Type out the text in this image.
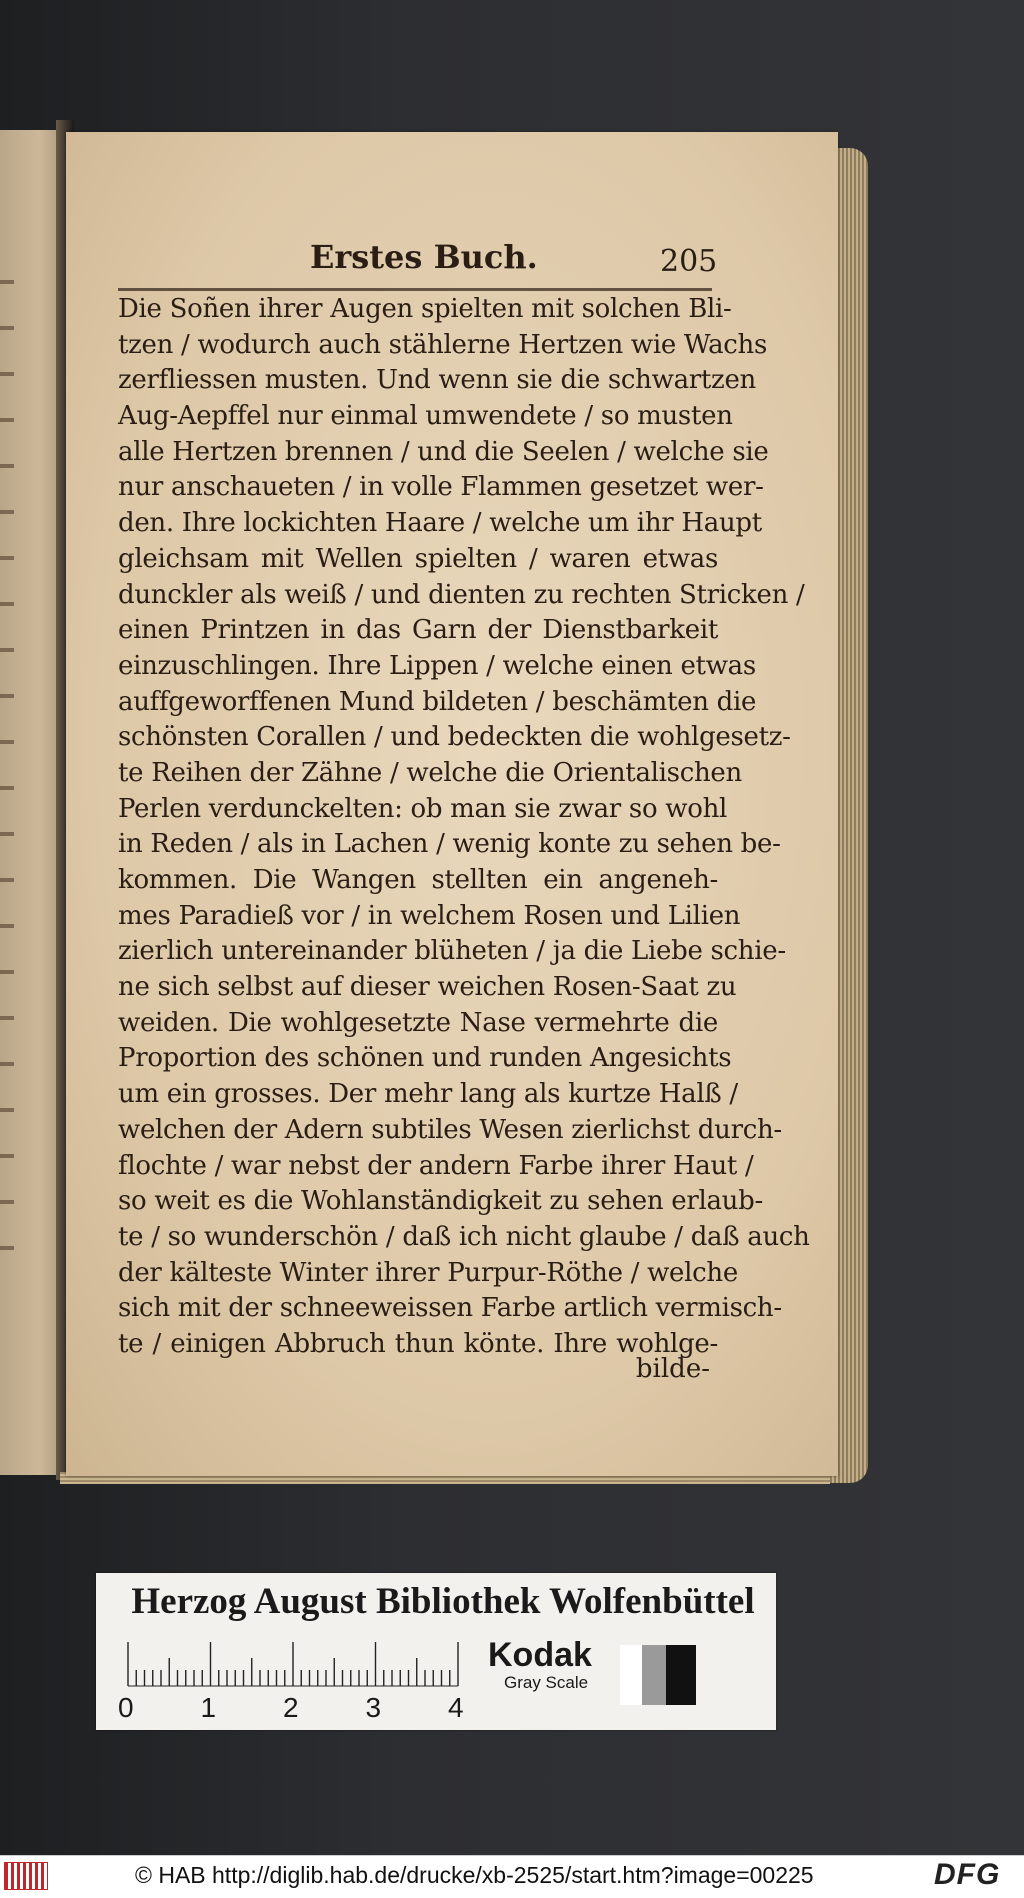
Erstes Buch.	205
Die Soñen ihrer Augen spielten mit solchen Bli-
tzen / wodurch auch stählerne Hertzen wie Wachs
zerfliessen musten. Und wenn sie die schwartzen
Aug-Aepffel nur einmal umwendete / so musten
alle Hertzen brennen / und die Seelen / welche sie
nur anschaueten / in volle Flammen gesetzet wer-
den. Ihre lockichten Haare / welche um ihr Haupt
gleichsam mit Wellen spielten / waren etwas
dunckler als weiß / und dienten zu rechten Stricken /
einen Printzen in das Garn der Dienstbarkeit
einzuschlingen. Ihre Lippen / welche einen etwas
auffgeworffenen Mund bildeten / beschämten die
schönsten Corallen / und bedeckten die wohlgesetz-
te Reihen der Zähne / welche die Orientalischen
Perlen verdunckelten: ob man sie zwar so wohl
in Reden / als in Lachen / wenig konte zu sehen be-
kommen. Die Wangen stellten ein angeneh-
mes Paradieß vor / in welchem Rosen und Lilien
zierlich untereinander blüheten / ja die Liebe schie-
ne sich selbst auf dieser weichen Rosen-Saat zu
weiden. Die wohlgesetzte Nase vermehrte die
Proportion des schönen und runden Angesichts
um ein grosses. Der mehr lang als kurtze Halß /
welchen der Adern subtiles Wesen zierlichst durch-
flochte / war nebst der andern Farbe ihrer Haut /
so weit es die Wohlanständigkeit zu sehen erlaub-
te / so wunderschön / daß ich nicht glaube / daß auch
der kälteste Winter ihrer Purpur-Röthe / welche
sich mit der schneeweissen Farbe artlich vermisch-
te / einigen Abbruch thun könte. Ihre wohlge-
bilde-
Herzog August Bibliothek Wolfenbüttel
0 1 2 3 4
Kodak
Gray Scale
© HAB http://diglib.hab.de/drucke/xb-2525/start.htm?image=00225	DFG
